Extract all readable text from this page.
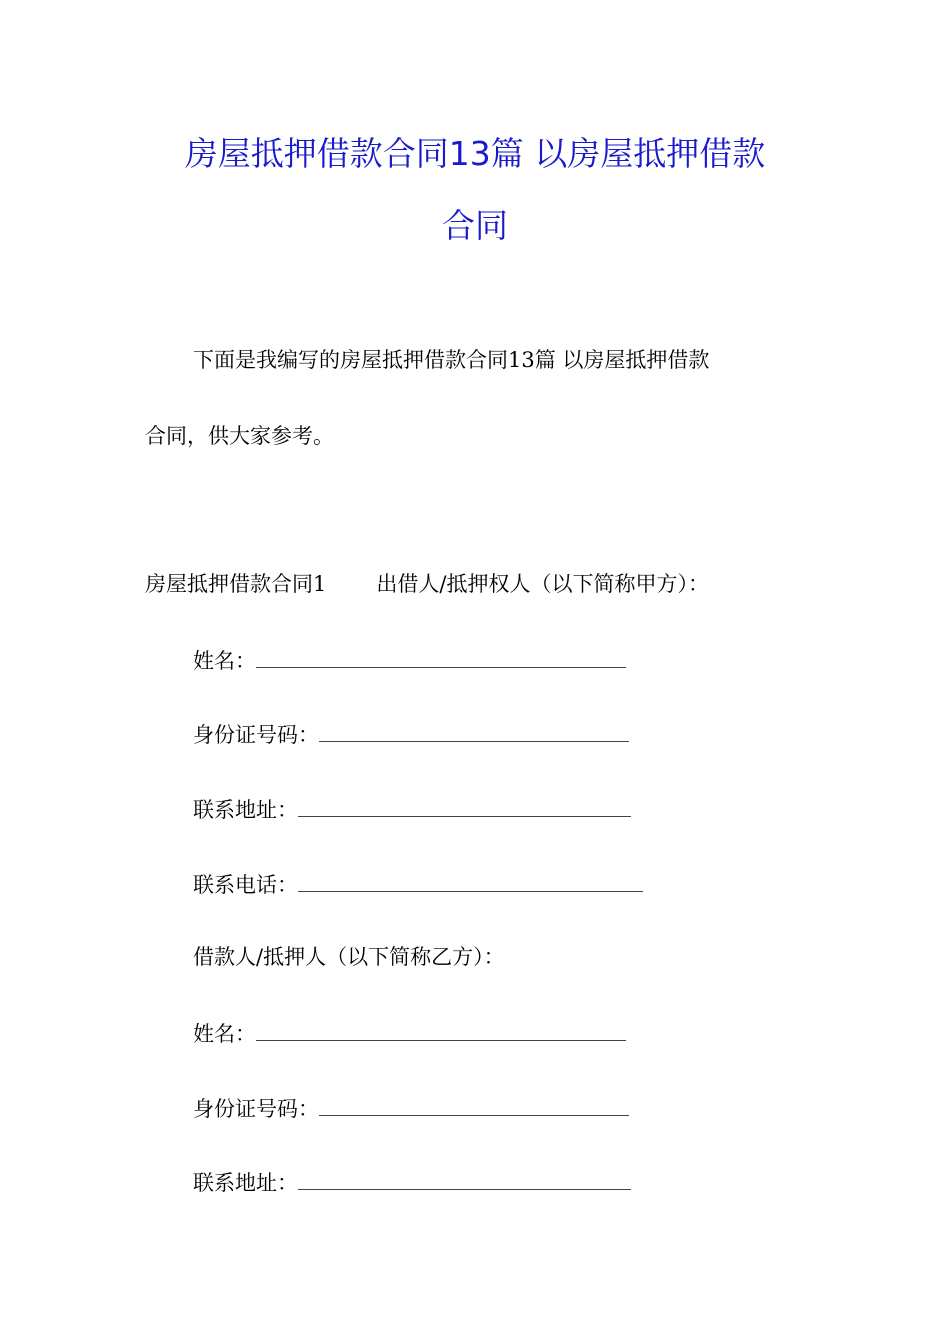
房屋抵押借款合同13篇 以房屋抵押借款
合同
下面是我编写的房屋抵押借款合同13篇 以房屋抵押借款
合同，供大家参考。
房屋抵押借款合同1 出借人/抵押权人（以下简称甲方）：
姓名：
身份证号码：
联系地址：
联系电话：
借款人/抵押人（以下简称乙方）：
姓名：
身份证号码：
联系地址：
